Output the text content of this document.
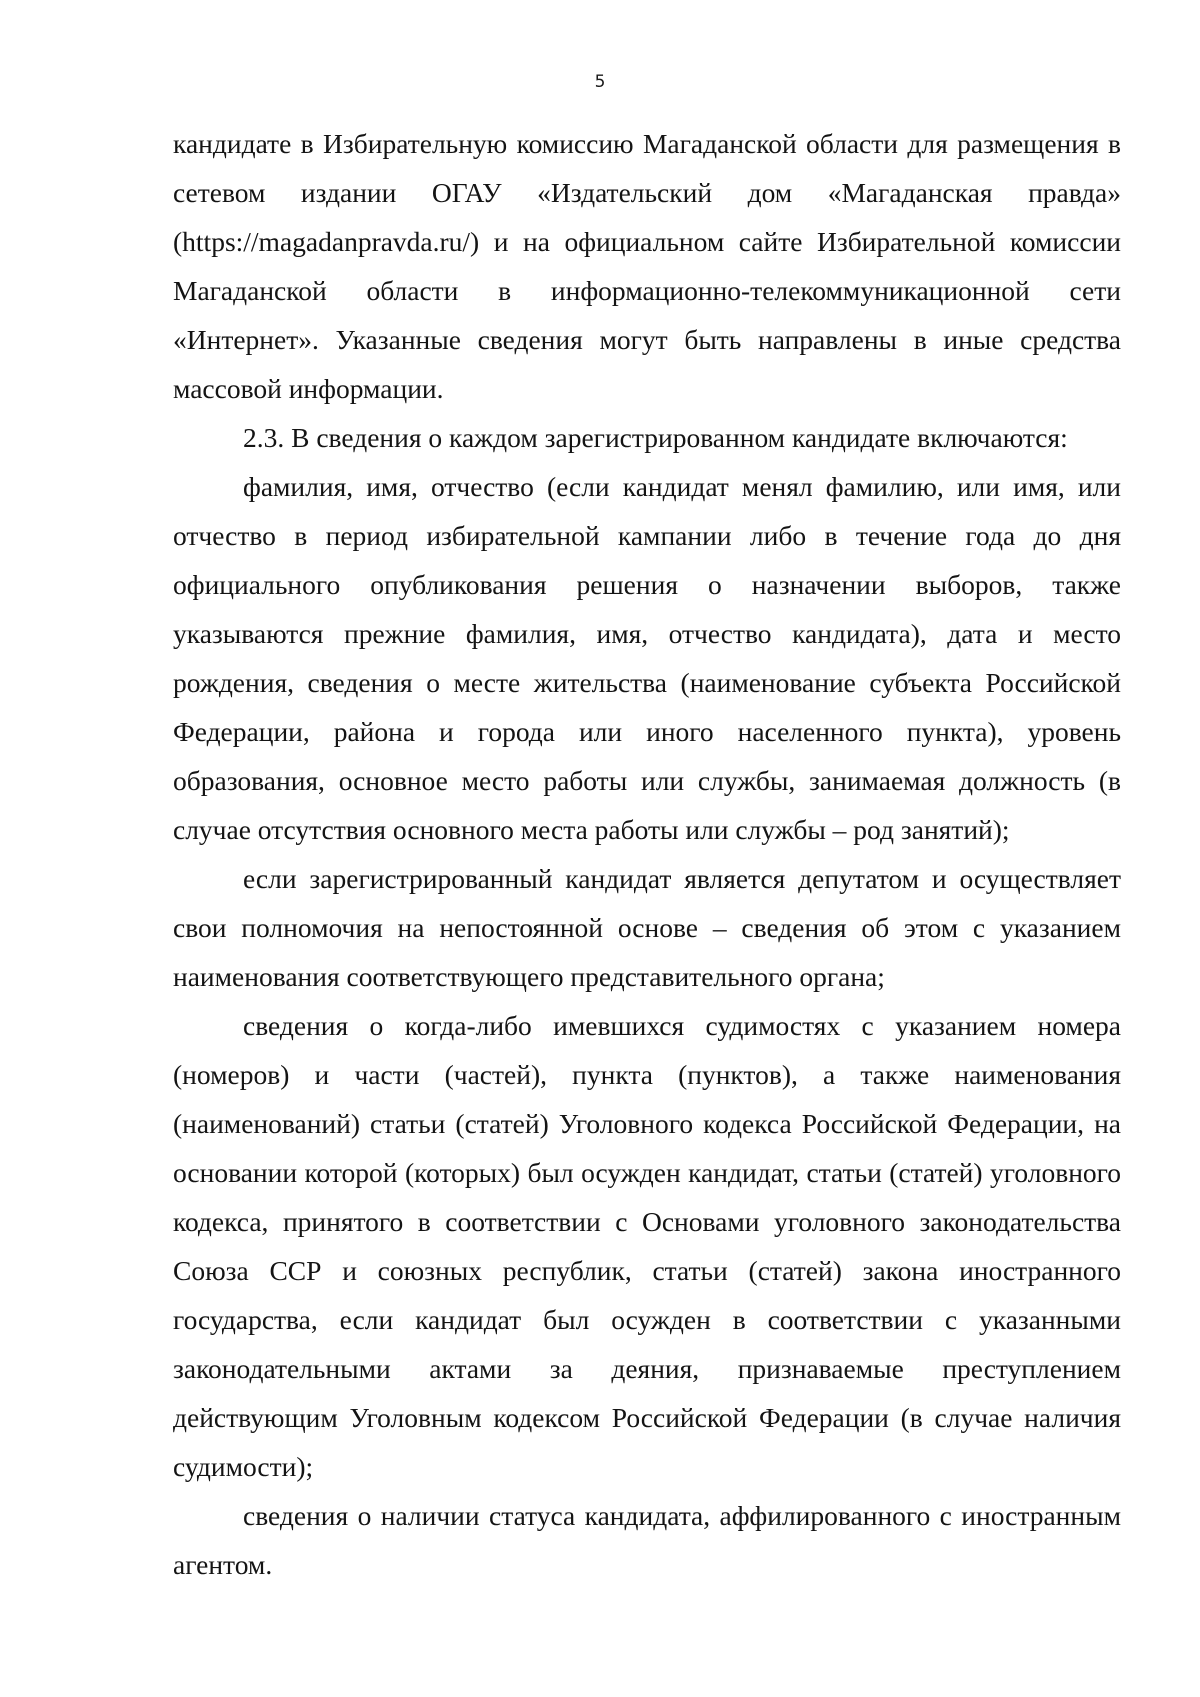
5

кандидате в Избирательную комиссию Магаданской области для размещения в сетевом издании ОГАУ «Издательский дом «Магаданская правда» (https://magadanpravda.ru/) и на официальном сайте Избирательной комиссии Магаданской области в информационно-телекоммуникационной сети «Интернет». Указанные сведения могут быть направлены в иные средства массовой информации.

2.3. В сведения о каждом зарегистрированном кандидате включаются:

фамилия, имя, отчество (если кандидат менял фамилию, или имя, или отчество в период избирательной кампании либо в течение года до дня официального опубликования решения о назначении выборов, также указываются прежние фамилия, имя, отчество кандидата), дата и место рождения, сведения о месте жительства (наименование субъекта Российской Федерации, района и города или иного населенного пункта), уровень образования, основное место работы или службы, занимаемая должность (в случае отсутствия основного места работы или службы – род занятий);

если зарегистрированный кандидат является депутатом и осуществляет свои полномочия на непостоянной основе – сведения об этом с указанием наименования соответствующего представительного органа;

сведения о когда-либо имевшихся судимостях с указанием номера (номеров) и части (частей), пункта (пунктов), а также наименования (наименований) статьи (статей) Уголовного кодекса Российской Федерации, на основании которой (которых) был осужден кандидат, статьи (статей) уголовного кодекса, принятого в соответствии с Основами уголовного законодательства Союза ССР и союзных республик, статьи (статей) закона иностранного государства, если кандидат был осужден в соответствии с указанными законодательными актами за деяния, признаваемые преступлением действующим Уголовным кодексом Российской Федерации (в случае наличия судимости);

сведения о наличии статуса кандидата, аффилированного с иностранным агентом.
